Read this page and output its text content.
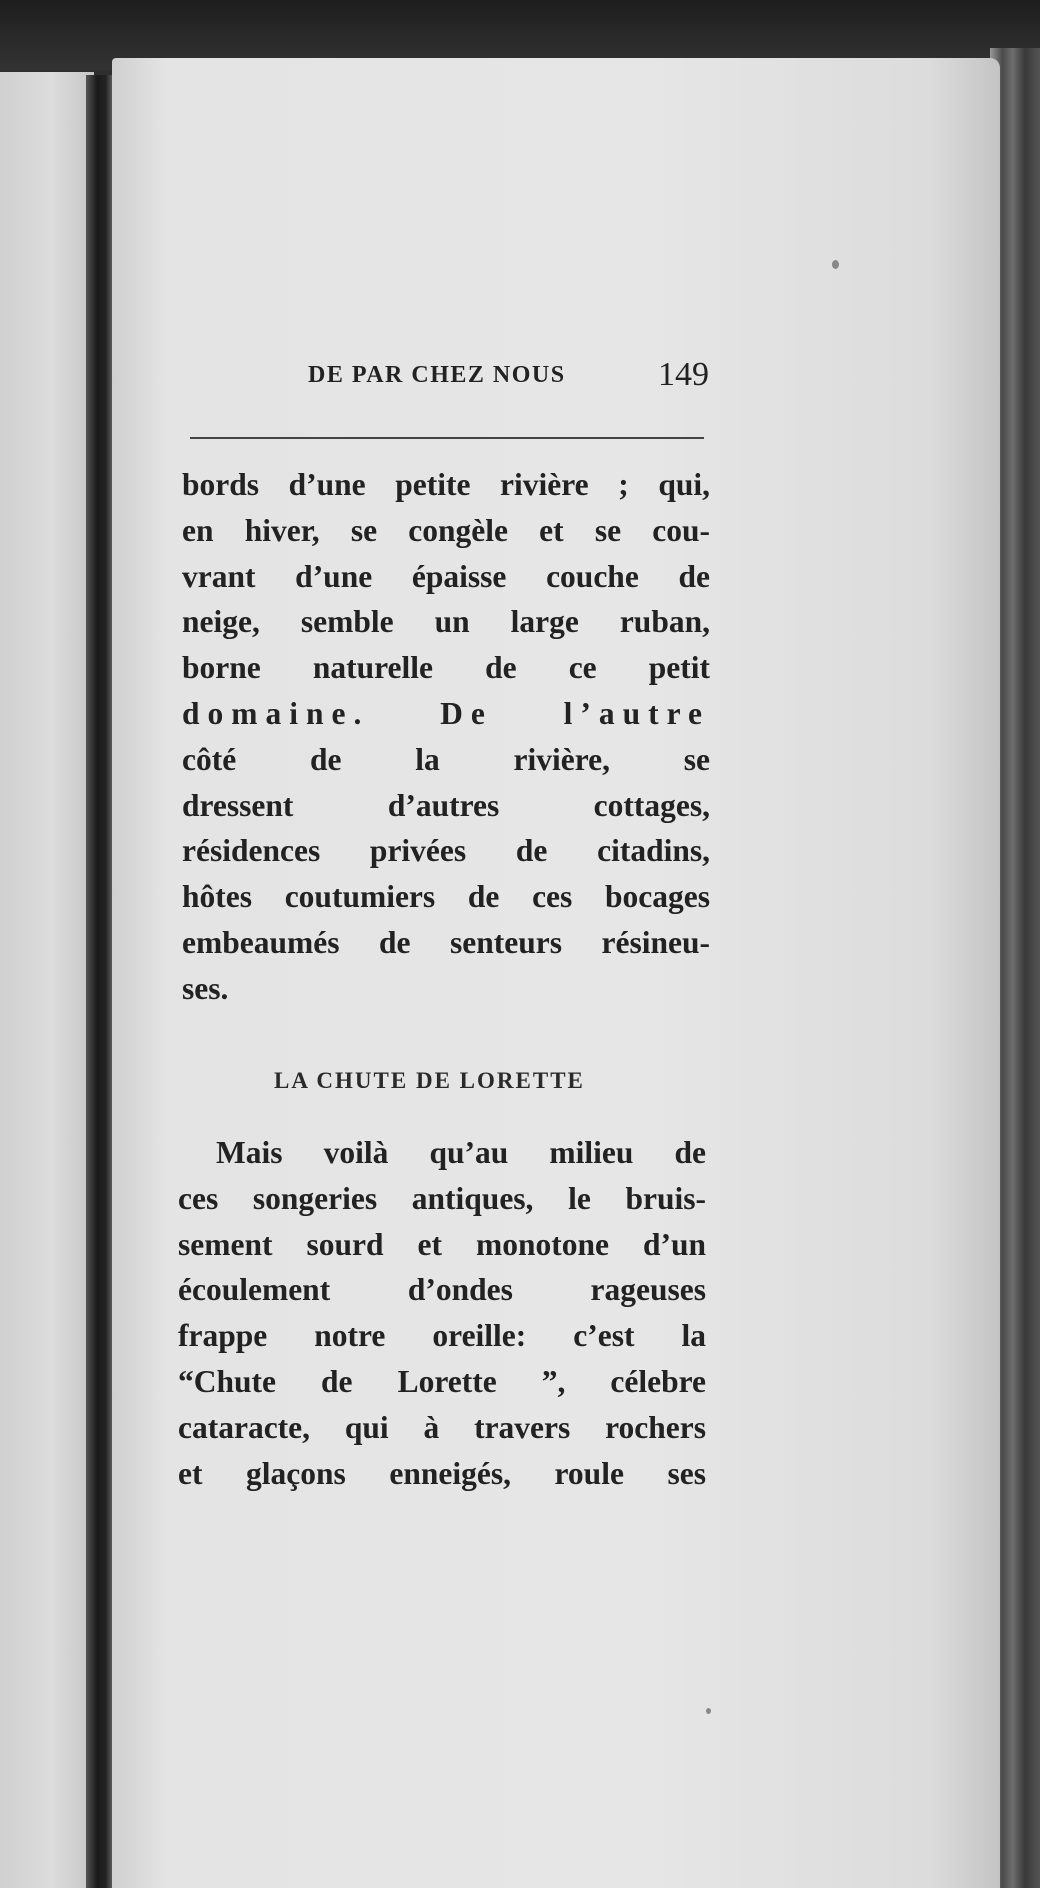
DE PAR CHEZ NOUS	149
bords d’une petite rivière ; qui,
en hiver, se congèle et se cou-
vrant d’une épaisse couche de
neige, semble un large ruban,
borne naturelle de ce petit
domaine. De l’autre
côté de la rivière, se
dressent d’autres cottages,
résidences privées de citadins,
hôtes coutumiers de ces bocages
embeaumés de senteurs résineu-
ses.
LA CHUTE DE LORETTE
Mais voilà qu’au milieu de
ces songeries antiques, le bruis-
sement sourd et monotone d’un
écoulement d’ondes rageuses
frappe notre oreille: c’est la
“Chute de Lorette ”, célebre
cataracte, qui à travers rochers
et glaçons enneigés, roule ses
